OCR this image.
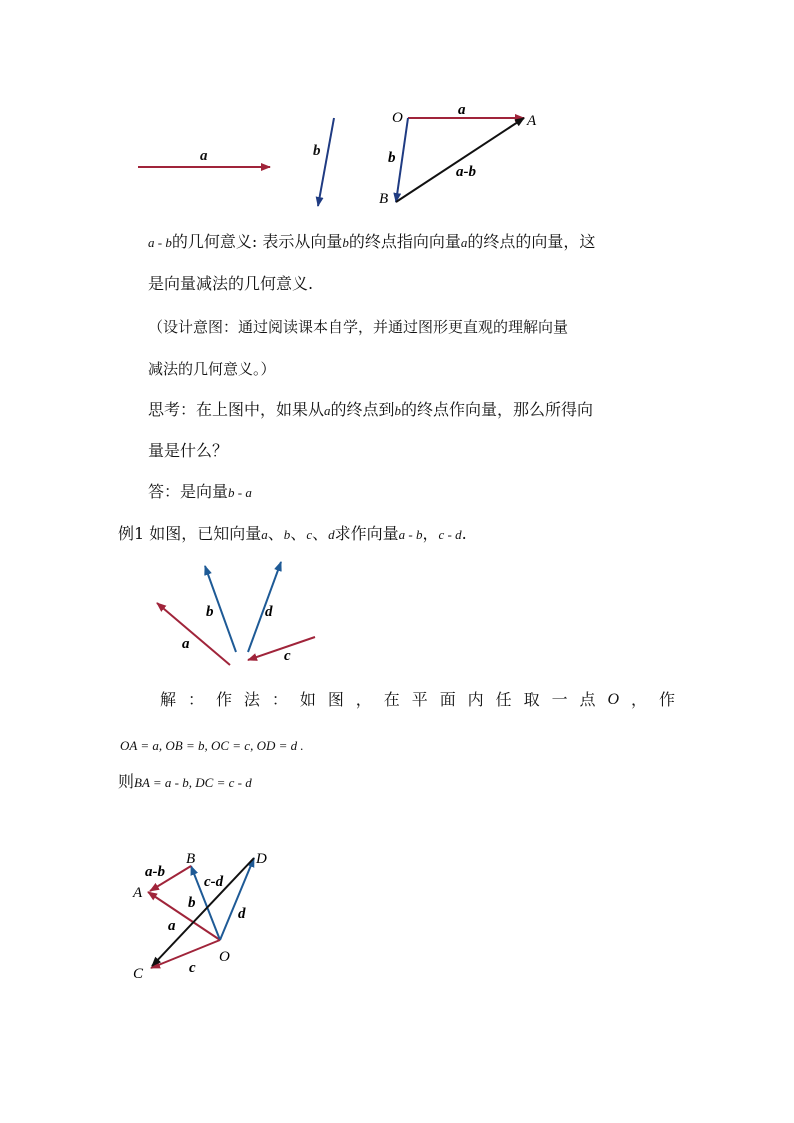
a	b
O	A
B
a
b
a-b
a - b的几何意义: 表示从向量b的终点指向向量a的终点的向量，这
是向量减法的几何意义.
（设计意图：通过阅读课本自学，并通过图形更直观的理解向量
减法的几何意义。）
思考：在上图中，如果从a的终点到b的终点作向量，那么所得向
量是什么？
答：是向量b - a
例1 如图，已知向量a、b、c、d求作向量a - b，c - d.
a
b	d
c
解 ： 作 法 ： 如 图 ， 在 平 面 内 任 取 一 点 O ， 作
OA = a, OB = b, OC = c, OD = d .
则BA = a - b, DC = c - d
B
A
D
O
C
a-b
c-d
b
a
d
c
